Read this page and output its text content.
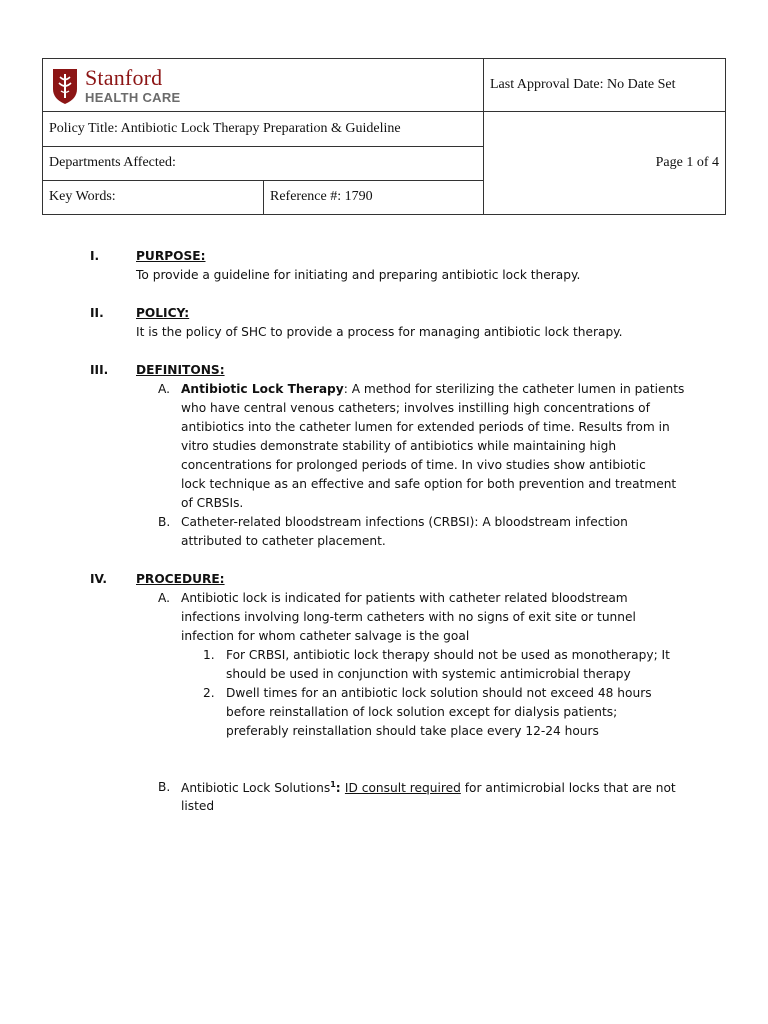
Stanford
HEALTH CARE		Last Approval Date: No Date Set
Policy Title: Antibiotic Lock Therapy Preparation & Guideline		Page 1 of 4
Departments Affected:		
Key Words:	Reference #: 1790	
I.	PURPOSE:
To provide a guideline for initiating and preparing antibiotic lock therapy.
II.	POLICY:
It is the policy of SHC to provide a process for managing antibiotic lock therapy.
III. DEFINITONS:
A. Antibiotic Lock Therapy: A method for sterilizing the catheter lumen in patients
who have central venous catheters; involves instilling high concentrations of
antibiotics into the catheter lumen for extended periods of time. Results from in
vitro studies demonstrate stability of antibiotics while maintaining high
concentrations for prolonged periods of time. In vivo studies show antibiotic
lock technique as an effective and safe option for both prevention and treatment
of CRBSIs.
B. Catheter-related bloodstream infections (CRBSI): A bloodstream infection
attributed to catheter placement.
IV. PROCEDURE:
A. Antibiotic lock is indicated for patients with catheter related bloodstream
infections involving long-term catheters with no signs of exit site or tunnel
infection for whom catheter salvage is the goal
1. For CRBSI, antibiotic lock therapy should not be used as monotherapy; It
should be used in conjunction with systemic antimicrobial therapy
2. Dwell times for an antibiotic lock solution should not exceed 48 hours
before reinstallation of lock solution except for dialysis patients;
preferably reinstallation should take place every 12-24 hours
B. Antibiotic Lock Solutions$^1$: ID consult required for antimicrobial locks that are not
listed
